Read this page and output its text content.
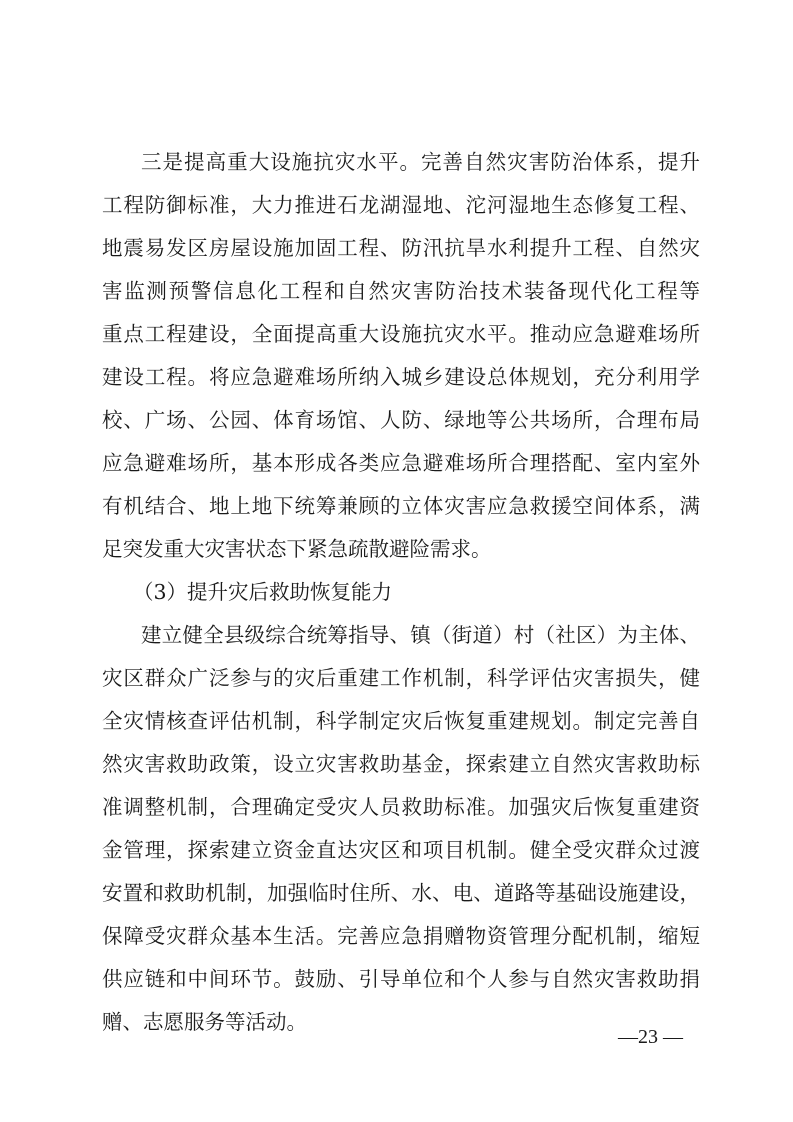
三是提高重大设施抗灾水平。完善自然灾害防治体系，提升
工程防御标准，大力推进石龙湖湿地、沱河湿地生态修复工程、
地震易发区房屋设施加固工程、防汛抗旱水利提升工程、自然灾
害监测预警信息化工程和自然灾害防治技术装备现代化工程等
重点工程建设，全面提高重大设施抗灾水平。推动应急避难场所
建设工程。将应急避难场所纳入城乡建设总体规划，充分利用学
校、广场、公园、体育场馆、人防、绿地等公共场所，合理布局
应急避难场所，基本形成各类应急避难场所合理搭配、室内室外
有机结合、地上地下统筹兼顾的立体灾害应急救援空间体系，满
足突发重大灾害状态下紧急疏散避险需求。
（3）提升灾后救助恢复能力
建立健全县级综合统筹指导、镇（街道）村（社区）为主体、
灾区群众广泛参与的灾后重建工作机制，科学评估灾害损失，健
全灾情核查评估机制，科学制定灾后恢复重建规划。制定完善自
然灾害救助政策，设立灾害救助基金，探索建立自然灾害救助标
准调整机制，合理确定受灾人员救助标准。加强灾后恢复重建资
金管理，探索建立资金直达灾区和项目机制。健全受灾群众过渡
安置和救助机制，加强临时住所、水、电、道路等基础设施建设，
保障受灾群众基本生活。完善应急捐赠物资管理分配机制，缩短
供应链和中间环节。鼓励、引导单位和个人参与自然灾害救助捐
赠、志愿服务等活动。
—23 —
